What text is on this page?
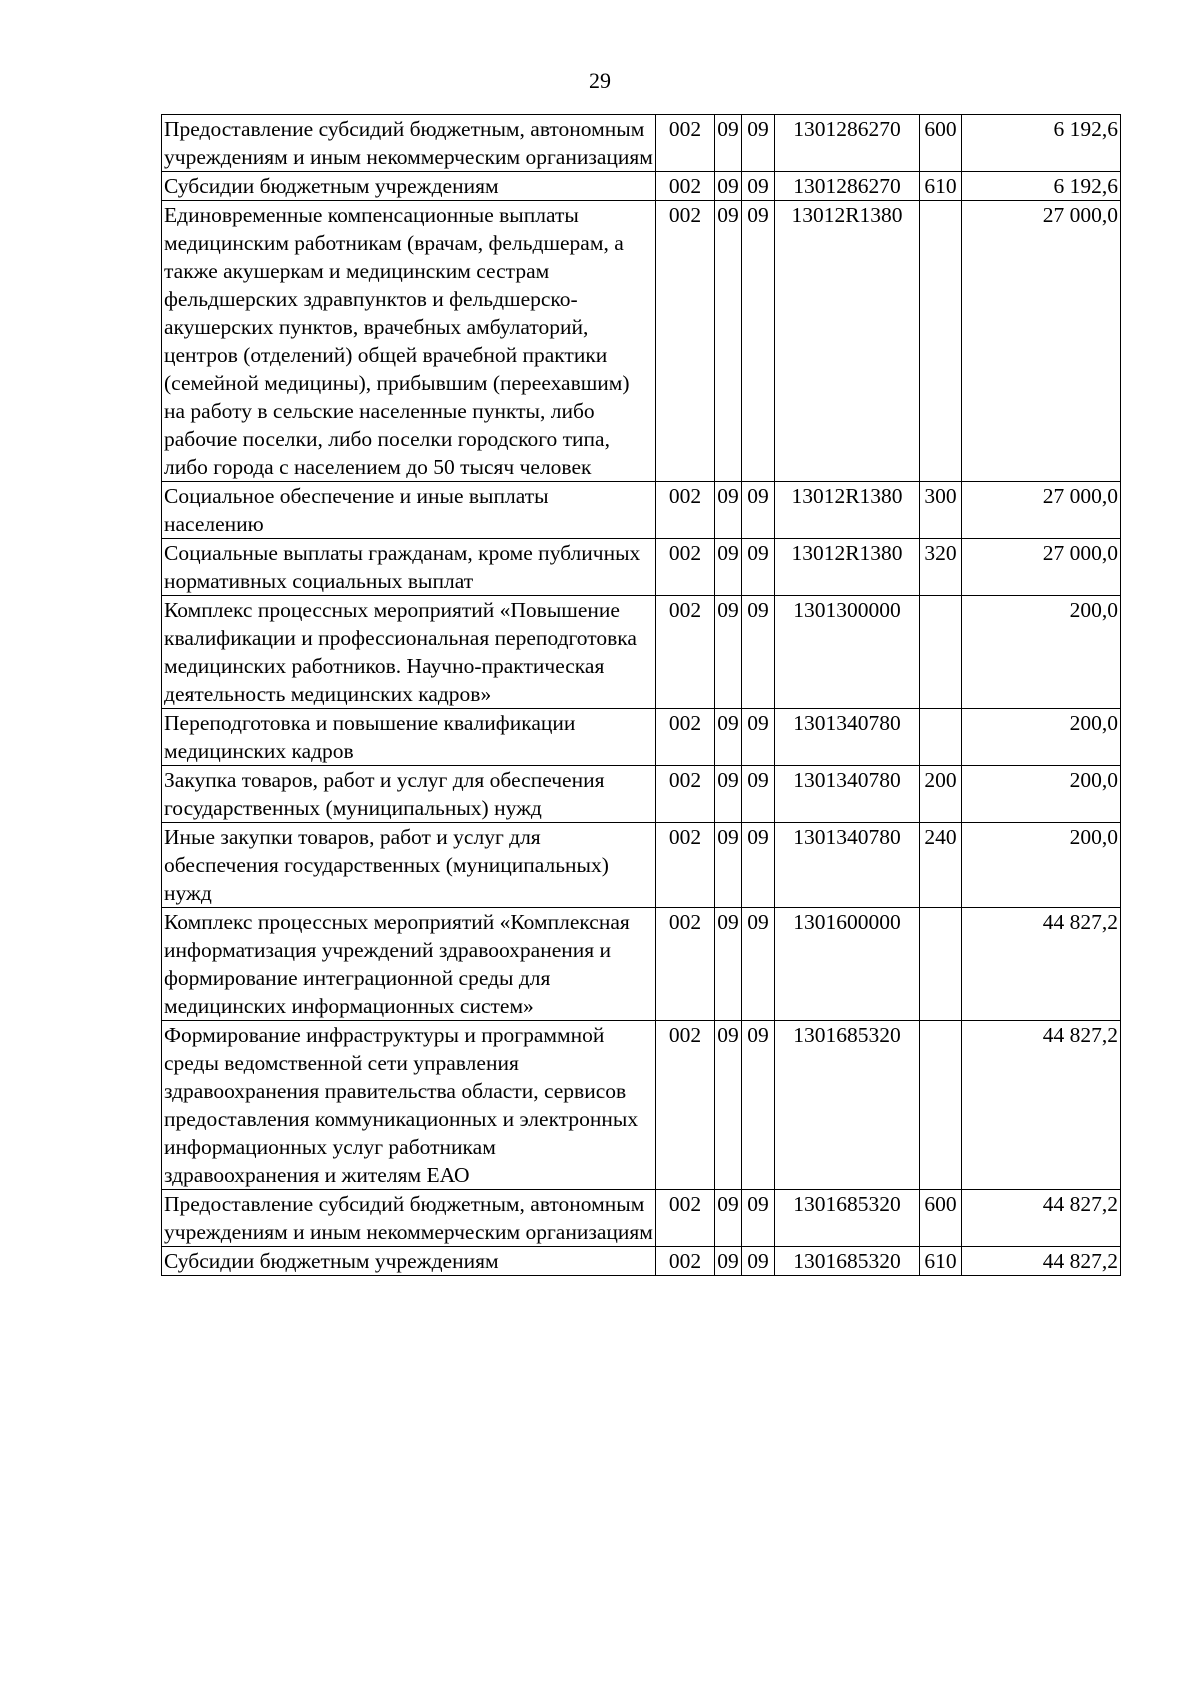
29
Предоставление субсидий бюджетным, автономным учреждениям и иным некоммерческим организациям	002	09	09	1301286270	600	6 192,6
Субсидии бюджетным учреждениям	002	09	09	1301286270	610	6 192,6
Единовременные компенсационные выплаты медицинским работникам (врачам, фельдшерам, а также акушеркам и медицинским сестрам фельдшерских здравпунктов и фельдшерско-акушерских пунктов, врачебных амбулаторий, центров (отделений) общей врачебной практики (семейной медицины), прибывшим (переехавшим) на работу в сельские населенные пункты, либо рабочие поселки, либо поселки городского типа, либо города с населением до 50 тысяч человек	002	09	09	13012R1380		27 000,0
Социальное обеспечение и иные выплаты населению	002	09	09	13012R1380	300	27 000,0
Социальные выплаты гражданам, кроме публичных нормативных социальных выплат	002	09	09	13012R1380	320	27 000,0
Комплекс процессных мероприятий «Повышение квалификации и профессиональная переподготовка медицинских работников. Научно-практическая деятельность медицинских кадров»	002	09	09	1301300000		200,0
Переподготовка и повышение квалификации медицинских кадров	002	09	09	1301340780		200,0
Закупка товаров, работ и услуг для обеспечения государственных (муниципальных) нужд	002	09	09	1301340780	200	200,0
Иные закупки товаров, работ и услуг для обеспечения государственных (муниципальных) нужд	002	09	09	1301340780	240	200,0
Комплекс процессных мероприятий «Комплексная информатизация учреждений здравоохранения и формирование интеграционной среды для медицинских информационных систем»	002	09	09	1301600000		44 827,2
Формирование инфраструктуры и программной среды ведомственной сети управления здравоохранения правительства области, сервисов предоставления коммуникационных и электронных информационных услуг работникам здравоохранения и жителям ЕАО	002	09	09	1301685320		44 827,2
Предоставление субсидий бюджетным, автономным учреждениям и иным некоммерческим организациям	002	09	09	1301685320	600	44 827,2
Субсидии бюджетным учреждениям	002	09	09	1301685320	610	44 827,2
